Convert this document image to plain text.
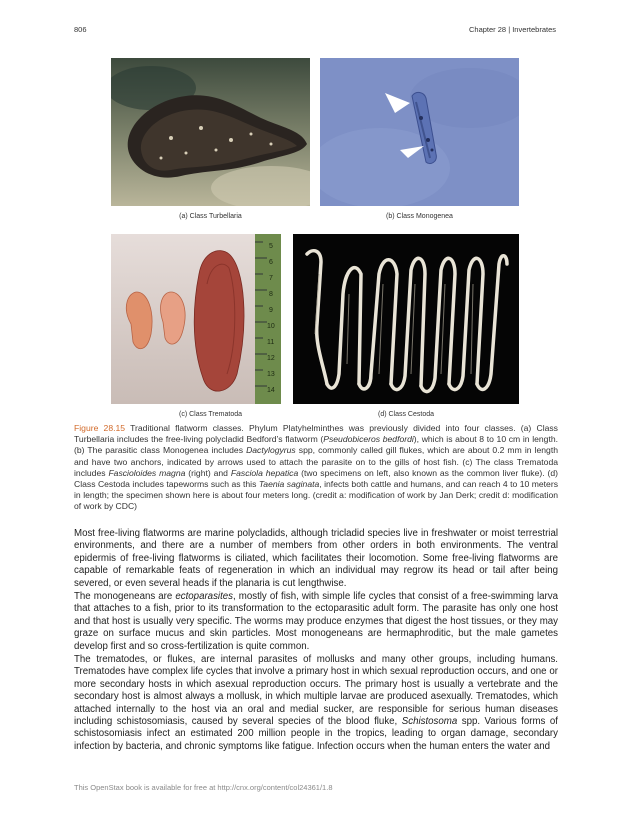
806	Chapter 28 | Invertebrates
(a) Class Turbellaria	(b) Class Monogenea
5
6
7
8
9
10
11
12
13
14
(c) Class Trematoda	(d) Class Cestoda
Figure 28.15 Traditional flatworm classes. Phylum Platyhelminthes was previously divided into four classes. (a) Class Turbellaria includes the free-living polycladid Bedford’s flatworm (Pseudobiceros bedfordi), which is about 8 to 10 cm in length. (b) The parasitic class Monogenea includes Dactylogyrus spp, commonly called gill flukes, which are about 0.2 mm in length and have two anchors, indicated by arrows used to attach the parasite on to the gills of host fish. (c) The class Trematoda includes Fascioloides magna (right) and Fasciola hepatica (two specimens on left, also known as the common liver fluke). (d) Class Cestoda includes tapeworms such as this Taenia saginata, infects both cattle and humans, and can reach 4 to 10 meters in length; the specimen shown here is about four meters long. (credit a: modification of work by Jan Derk; credit d: modification of work by CDC)

Most free-living flatworms are marine polycladids, although tricladid species live in freshwater or moist terrestrial environments, and there are a number of members from other orders in both environments. The ventral epidermis of free-living flatworms is ciliated, which facilitates their locomotion. Some free-living flatworms are capable of remarkable feats of regeneration in which an individual may regrow its head or tail after being severed, or even several heads if the planaria is cut lengthwise.

The monogeneans are ectoparasites, mostly of fish, with simple life cycles that consist of a free-swimming larva that attaches to a fish, prior to its transformation to the ectoparasitic adult form. The parasite has only one host and that host is usually very specific. The worms may produce enzymes that digest the host tissues, or they may graze on surface mucus and skin particles. Most monogeneans are hermaphroditic, but the male gametes develop first and so cross-fertilization is quite common.

The trematodes, or flukes, are internal parasites of mollusks and many other groups, including humans. Trematodes have complex life cycles that involve a primary host in which sexual reproduction occurs, and one or more secondary hosts in which asexual reproduction occurs. The primary host is usually a vertebrate and the secondary host is almost always a mollusk, in which multiple larvae are produced asexually. Trematodes, which attached internally to the host via an oral and medial sucker, are responsible for serious human diseases including schistosomiasis, caused by several species of the blood fluke, Schistosoma spp. Various forms of schistosomiasis infect an estimated 200 million people in the tropics, leading to organ damage, secondary infection by bacteria, and chronic symptoms like fatigue. Infection occurs when the human enters the water and

This OpenStax book is available for free at http://cnx.org/content/col24361/1.8
